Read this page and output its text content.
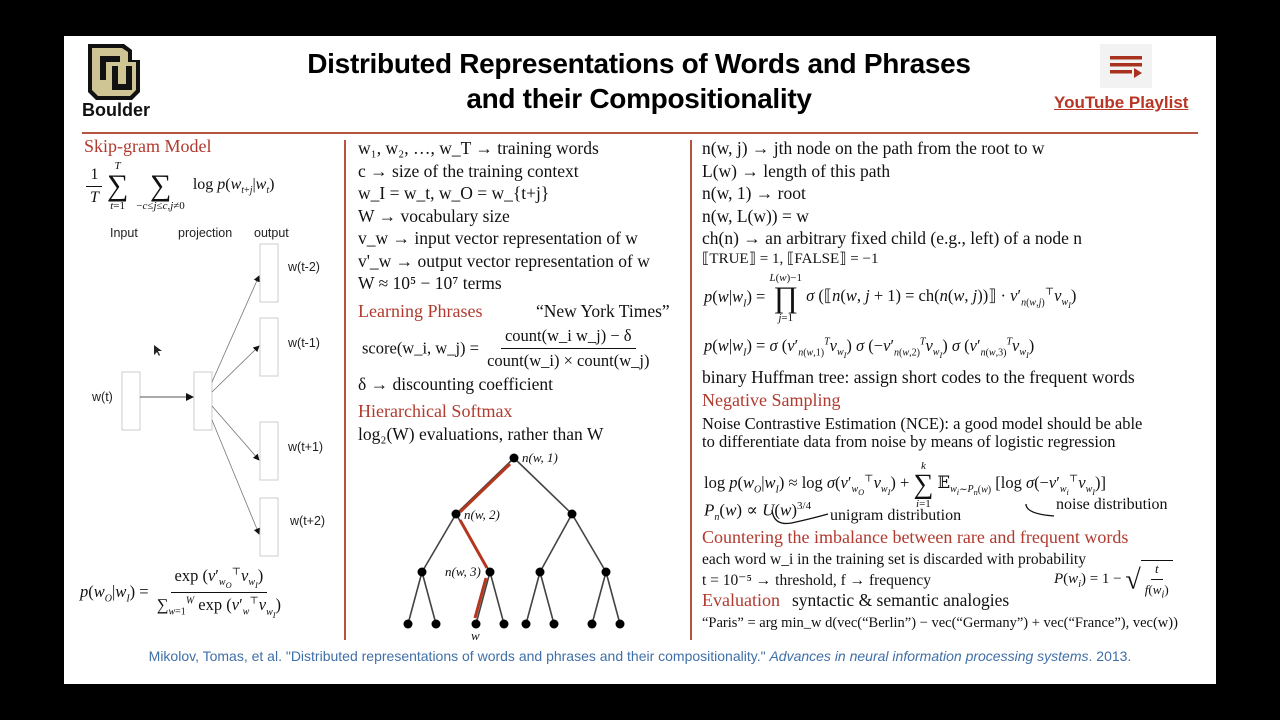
Boulder
Distributed Representations of Words and Phrases
and their Compositionality	YouTube Playlist
Skip-gram Model
$\frac{1}{T}$
T
∑
t=1

∑
−c≤j≤c,j≠0
$\log p(w_{t+j}|w_t)$
Input	projection output
w(t)
w(t-2)
w(t-1)
w(t+1)
w(t+2)
$p(w_O|w_I) = \frac{\exp (v'_{w_O}^⊤v_{w_I})}{\sum_{w=1}^W \exp (v'_w^⊤v_{w_I})}$
w₁, w₂, …, w_T → training words
c → size of the training context
w_I = w_t, w_O = w_{t+j}
W → vocabulary size
v_w → input vector representation of w
v'_w → output vector representation of w
W ≈ 10⁵ − 10⁷ terms
Learning Phrases	“New York Times”
score(w_i, w_j) = $\frac{\text{count(w\_i w\_j) − δ}}{\text{count(w\_i) × count(w\_j)}}$
δ → discounting coefficient
Hierarchical Softmax
log₂(W) evaluations, rather than W
n(w, 1)
n(w, 2)
n(w, 3)
w
n(w, j) → jth node on the path from the root to w
L(w) → length of this path
n(w, 1) → root
n(w, L(w)) = w
ch(n) → an arbitrary fixed child (e.g., left) of a node n
⟦TRUE⟧ = 1, ⟦FALSE⟧ = −1
$p(w|w_I)$ =
L(w)−1
∏
j=1
σ (⟦n(w, j + 1) = ch(n(w, j))⟧ · $v'_{n(w,j)}^⊤v_{w_I}$)
$p(w|w_I) = \sigma$ $(v'_{n(w,1)}^Tv_{w_I})$ σ $(-v'_{n(w,2)}^Tv_{w_I})$ σ $(v'_{n(w,3)}^Tv_{w_I})$
binary Huffman tree: assign short codes to the frequent words
Negative Sampling
Noise Contrastive Estimation (NCE): a good model should be able
to differentiate data from noise by means of logistic regression
$\log p(w_O|w_I) \approx \log \sigma(v'_{w_O}^⊤v_{w_I})$ +
k
∑
i=1
𝔼$_{w_i\sim P_n(w)}$ [log $\sigma(-v'_{w_i}^⊤v_{w_I})$]
$P_n(w) \propto U(w)^{3/4}$
unigram distribution
noise distribution
Countering the imbalance between rare and frequent words
each word w_i in the training set is discarded with probability
t = 10⁻⁵ → threshold, f → frequency	$P(w_i) = 1$ − √ $\frac{t}{f(w_i)}$
Evaluation syntactic & semantic analogies
“Paris” = arg min_w d(vec(“Berlin”) − vec(“Germany”) + vec(“France”), vec(w))
Mikolov, Tomas, et al. "Distributed representations of words and phrases and their compositionality." Advances in neural information processing systems. 2013.
